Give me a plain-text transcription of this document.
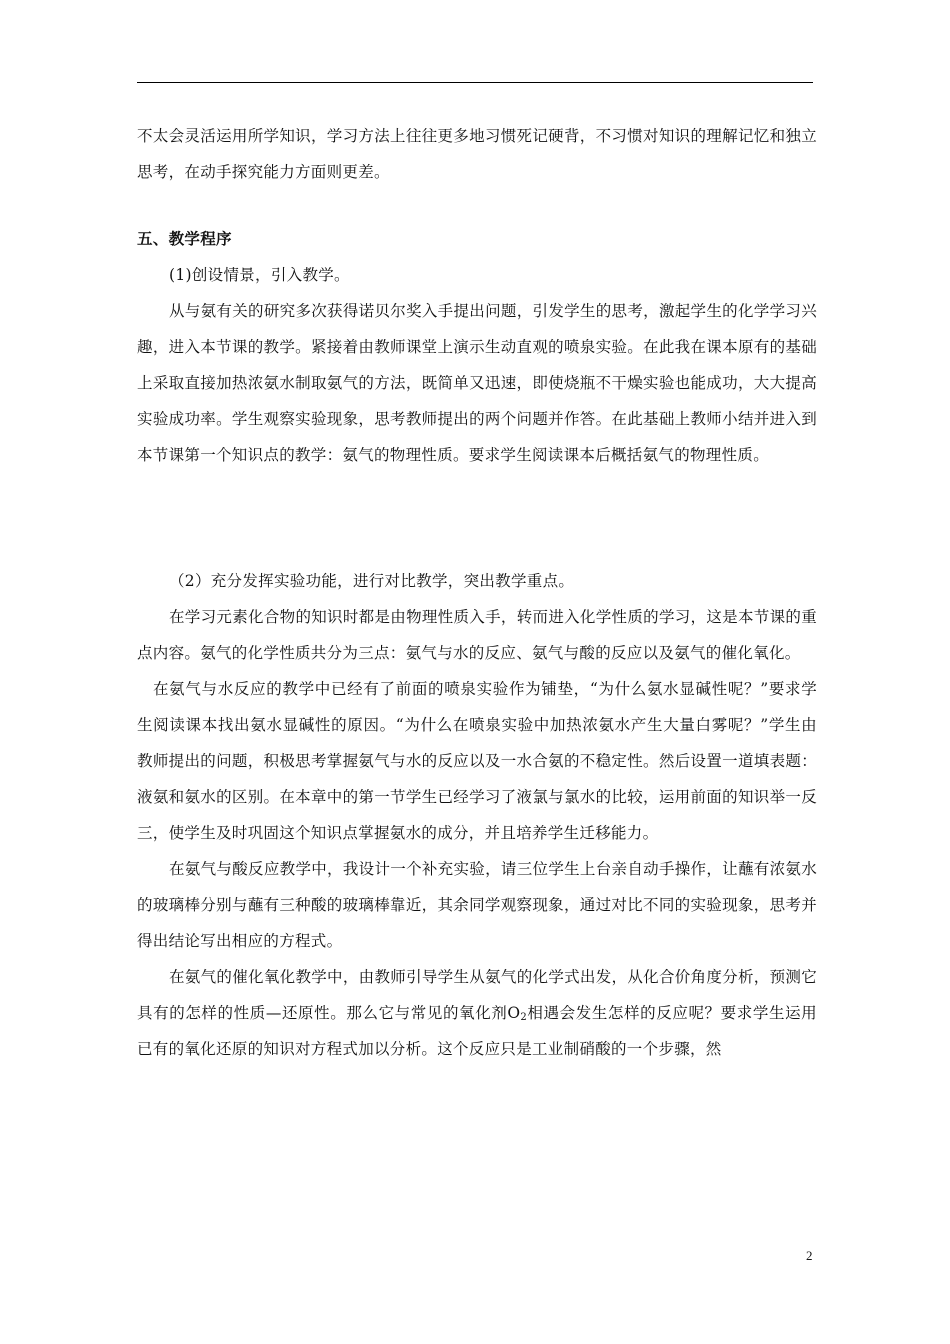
不太会灵活运用所学知识，学习方法上往往更多地习惯死记硬背，不习惯对知识的理解记忆和独立思考，在动手探究能力方面则更差。

五、教学程序

(1)创设情景，引入教学。

从与氨有关的研究多次获得诺贝尔奖入手提出问题，引发学生的思考，激起学生的化学学习兴趣，进入本节课的教学。紧接着由教师课堂上演示生动直观的喷泉实验。在此我在课本原有的基础上采取直接加热浓氨水制取氨气的方法，既简单又迅速，即使烧瓶不干燥实验也能成功，大大提高实验成功率。学生观察实验现象，思考教师提出的两个问题并作答。在此基础上教师小结并进入到本节课第一个知识点的教学：氨气的物理性质。要求学生阅读课本后概括氨气的物理性质。

（2）充分发挥实验功能，进行对比教学，突出教学重点。

在学习元素化合物的知识时都是由物理性质入手，转而进入化学性质的学习，这是本节课的重点内容。氨气的化学性质共分为三点：氨气与水的反应、氨气与酸的反应以及氨气的催化氧化。

在氨气与水反应的教学中已经有了前面的喷泉实验作为铺垫，“为什么氨水显碱性呢？”要求学生阅读课本找出氨水显碱性的原因。“为什么在喷泉实验中加热浓氨水产生大量白雾呢？”学生由教师提出的问题，积极思考掌握氨气与水的反应以及一水合氨的不稳定性。然后设置一道填表题：液氨和氨水的区别。在本章中的第一节学生已经学习了液氯与氯水的比较，运用前面的知识举一反三，使学生及时巩固这个知识点掌握氨水的成分，并且培养学生迁移能力。

在氨气与酸反应教学中，我设计一个补充实验，请三位学生上台亲自动手操作，让蘸有浓氨水的玻璃棒分别与蘸有三种酸的玻璃棒靠近，其余同学观察现象，通过对比不同的实验现象，思考并得出结论写出相应的方程式。

在氨气的催化氧化教学中，由教师引导学生从氨气的化学式出发，从化合价角度分析，预测它具有的怎样的性质—还原性。那么它与常见的氧化剂$O_2$相遇会发生怎样的反应呢？要求学生运用已有的氧化还原的知识对方程式加以分析。这个反应只是工业制硝酸的一个步骤，然

2
